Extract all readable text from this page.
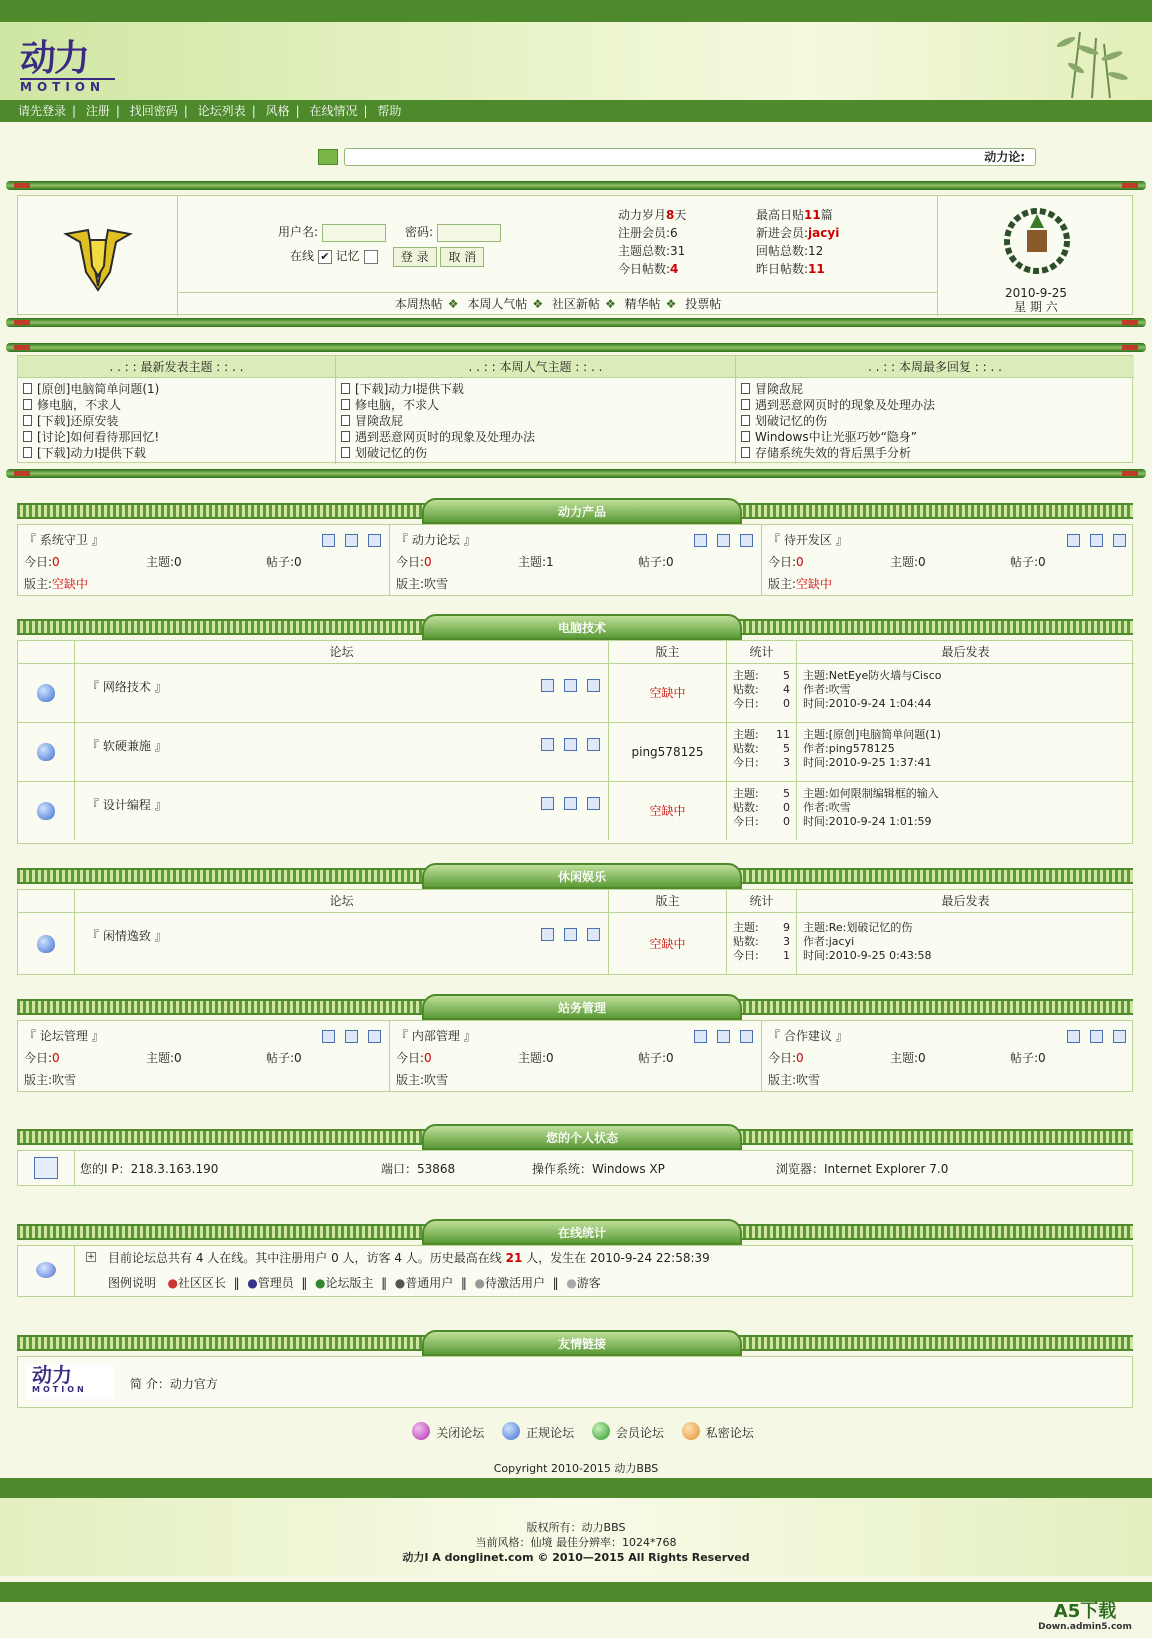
动力
MOTION
请先登录 | 注册 | 找回密码 | 论坛列表 | 风格 | 在线情况 | 帮助
动力论:
用户名:	密码:
在线 ✔ 记忆	登 录 取 消
动力岁月8天
注册会员:6
主题总数:31
今日帖数:4
最高日贴11篇
新进会员:jacyi
回帖总数:12
昨日帖数:11
本周热帖 ❖ 本周人气帖 ❖ 社区新帖 ❖ 精华帖 ❖ 投票帖
2010-9-25
星 期 六
. . : : 最新发表主题 : : . .
[原创]电脑简单问题(1)
修电脑，不求人
[下载]还原安装
[讨论]如何看待那回忆!
[下载]动力I提供下载
. . : : 本周人气主题 : : . .
[下载]动力I提供下载
修电脑，不求人
冒険敌屁
遇到恶意网页时的现象及处理办法
划破记忆的伤
. . : : 本周最多回复 : : . .
冒険敌屁
遇到恶意网页时的现象及处理办法
划破记忆的伤
Windows中让光驱巧妙“隐身”
存储系统失效的背后黑手分析
动力产品
『 系统守卫 』
今日:0	主题:0	帖子:0
版主:空缺中
『 动力论坛 』
今日:0	主题:1	帖子:0
版主:吹雪
『 待开发区 』
今日:0	主题:0	帖子:0
版主:空缺中
电脑技术
论坛	版主	统计	最后发表
『 网络技术 』	空缺中
主题: 5
贴数: 4
今日: 0
主题:NetEye防火墙与Cisco
作者:吹雪
时间:2010-9-24 1:04:44
『 软硬兼施 』	ping578125
主题: 11
贴数: 5
今日: 3
主题:[原创]电脑简单问题(1)
作者:ping578125
时间:2010-9-25 1:37:41
『 设计编程 』	空缺中
主题: 5
贴数: 0
今日: 0
主题:如何限制编辑框的输入
作者:吹雪
时间:2010-9-24 1:01:59
休闲娱乐
论坛	版主	统计	最后发表
『 闲情逸致 』
空缺中
主题: 9
贴数: 3
今日: 1
主题:Re:划破记忆的伤
作者:jacyi
时间:2010-9-25 0:43:58
站务管理
『 论坛管理 』
今日:0	主题:0	帖子:0
版主:吹雪
『 内部管理 』
今日:0	主题:0	帖子:0
版主:吹雪
『 合作建议 』
今日:0	主题:0	帖子:0
版主:吹雪
您的个人状态
您的I P：218.3.163.190	端口：53868	操作系统：Windows XP	浏览器：Internet Explorer 7.0
在线统计
+ 目前论坛总共有 4 人在线。其中注册用户 0 人，访客 4 人。历史最高在线 21 人，发生在 2010-9-24 22:58:39
图例说明 ●社区区长  ‖  ●管理员  ‖  ●论坛版主  ‖  ●普通用户  ‖  ●待激活用户  ‖  ●游客
友情链接
动力
MOTION	简 介：动力官方
关闭论坛	正规论坛	会员论坛	私密论坛
Copyright 2010-2015 动力BBS
版权所有：动力BBS
当前风格：仙境 最佳分辨率：1024*768
动力I A donglinet.com © 2010—2015 All Rights Reserved
A5下载
Down.admin5.com
